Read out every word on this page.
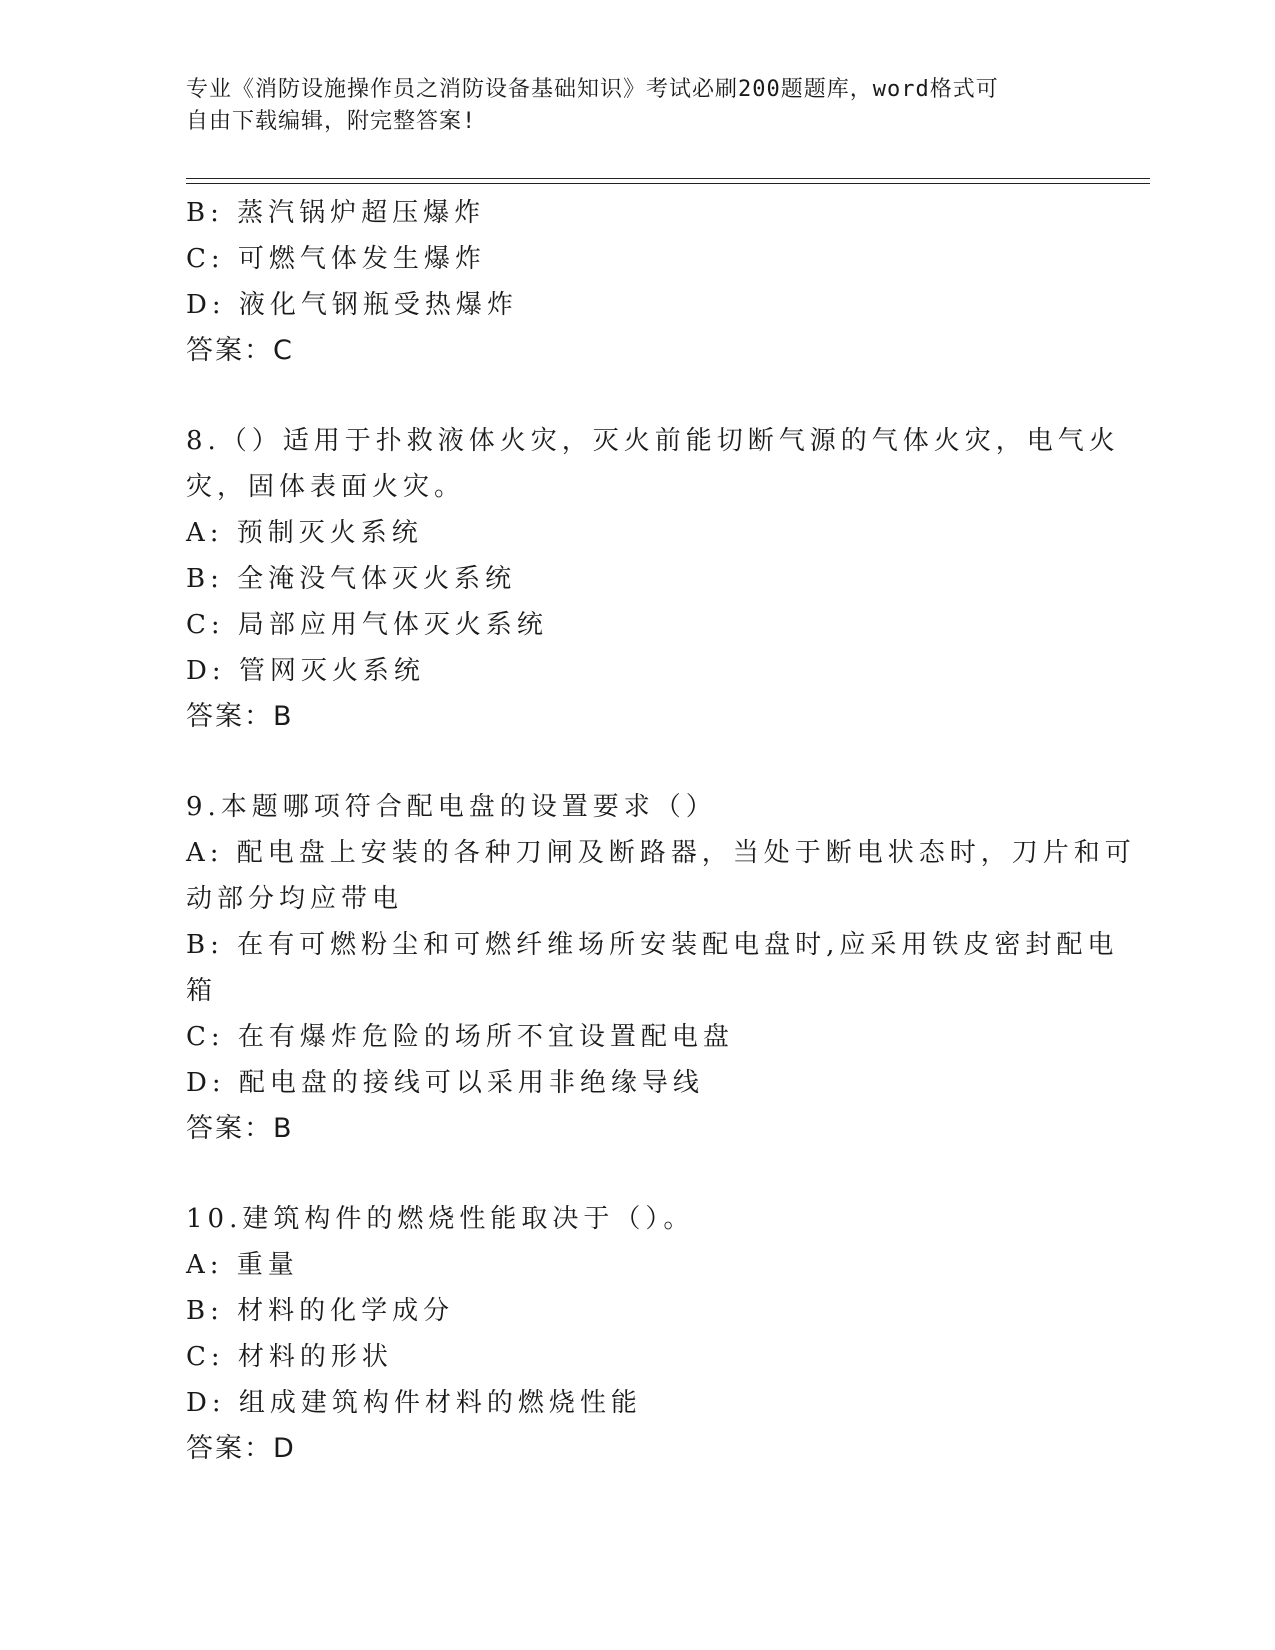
专业《消防设施操作员之消防设备基础知识》考试必刷200题题库，word格式可
自由下载编辑，附完整答案!
B: 蒸汽锅炉超压爆炸
C: 可燃气体发生爆炸
D: 液化气钢瓶受热爆炸
答案：C
8.（）适用于扑救液体火灾，灭火前能切断气源的气体火灾，电气火
灾，固体表面火灾。
A: 预制灭火系统
B: 全淹没气体灭火系统
C: 局部应用气体灭火系统
D: 管网灭火系统
答案：B
9.本题哪项符合配电盘的设置要求（）
A: 配电盘上安装的各种刀闸及断路器，当处于断电状态时，刀片和可
动部分均应带电
B: 在有可燃粉尘和可燃纤维场所安装配电盘时,应采用铁皮密封配电
箱
C: 在有爆炸危险的场所不宜设置配电盘
D: 配电盘的接线可以采用非绝缘导线
答案：B
10.建筑构件的燃烧性能取决于（）。
A: 重量
B: 材料的化学成分
C: 材料的形状
D: 组成建筑构件材料的燃烧性能
答案：D
